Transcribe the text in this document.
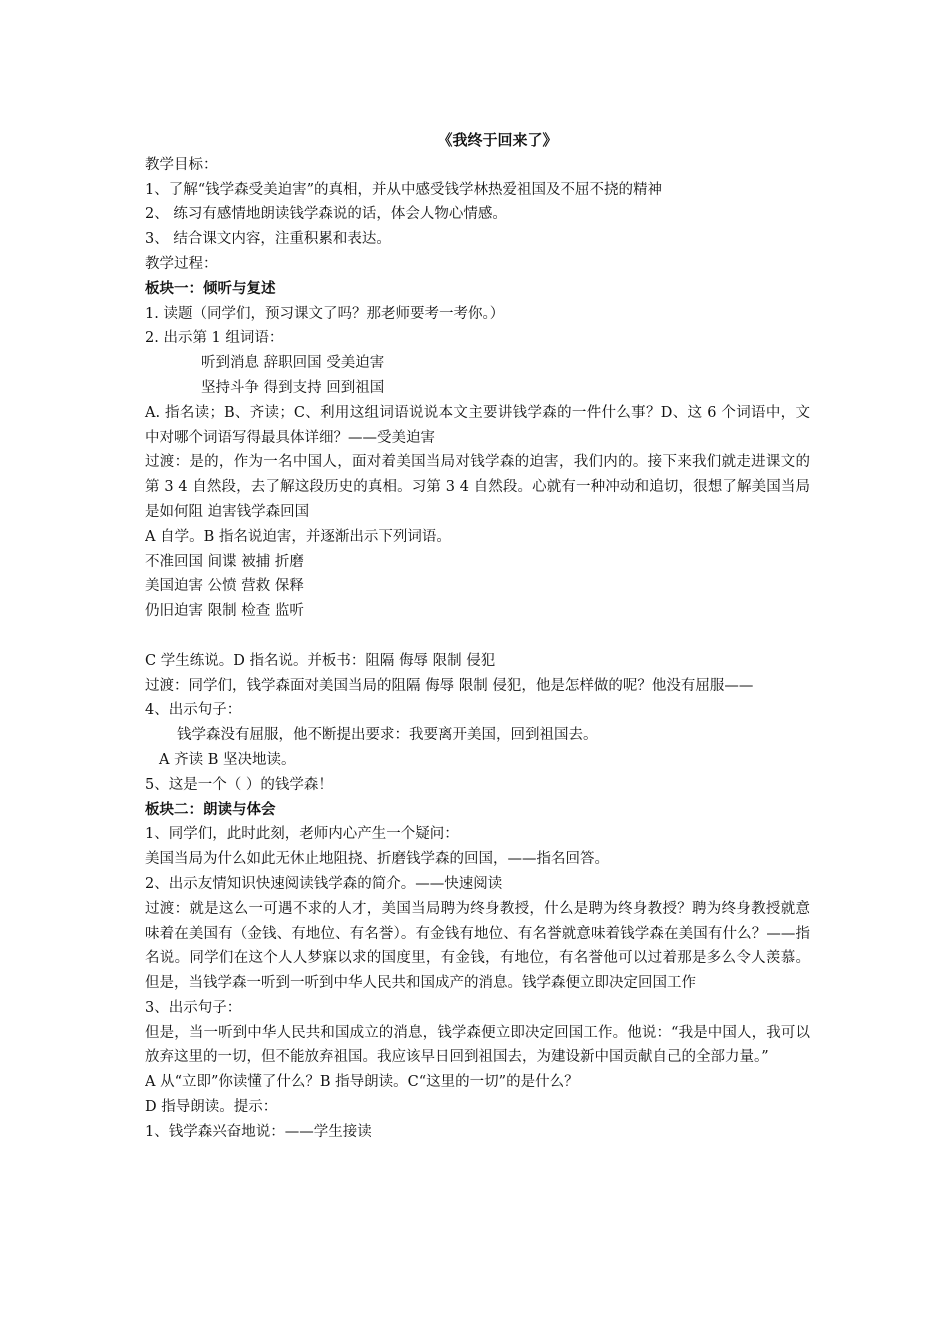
《我终于回来了》
教学目标：
1、了解“钱学森受美迫害”的真相，并从中感受钱学林热爱祖国及不屈不挠的精神
2、 练习有感情地朗读钱学森说的话，体会人物心情感。
3、 结合课文内容，注重积累和表达。
教学过程：
板块一：倾听与复述
1. 读题（同学们，预习课文了吗？那老师要考一考你。）
2. 出示第 1 组词语：
听到消息 辞职回国 受美迫害
坚持斗争 得到支持 回到祖国
A. 指名读；B、齐读；C、利用这组词语说说本文主要讲钱学森的一件什么事？D、这 6 个词语中，文中对哪个词语写得最具体详细？——受美迫害
过渡：是的，作为一名中国人，面对着美国当局对钱学森的迫害，我们内的。接下来我们就走进课文的第 3 4 自然段，去了解这段历史的真相。习第 3 4 自然段。心就有一种冲动和追切，很想了解美国当局是如何阻 迫害钱学森回国
A 自学。B 指名说迫害，并逐渐出示下列词语。
不准回国 间谍 被捕 折磨
美国迫害 公愤 营救 保释
仍旧迫害 限制 检查 监听
C 学生练说。D 指名说。并板书：阻隔 侮辱 限制 侵犯
过渡：同学们，钱学森面对美国当局的阻隔 侮辱 限制 侵犯，他是怎样做的呢？他没有屈服——
4、出示句子：
钱学森没有屈服，他不断提出要求：我要离开美国，回到祖国去。
A 齐读 B 坚决地读。
5、这是一个（ ）的钱学森！
板块二：朗读与体会
1、同学们，此时此刻，老师内心产生一个疑问：
美国当局为什么如此无休止地阻挠、折磨钱学森的回国，——指名回答。
2、出示友情知识快速阅读钱学森的简介。——快速阅读
过渡：就是这么一可遇不求的人才，美国当局聘为终身教授，什么是聘为终身教授？聘为终身教授就意味着在美国有（金钱、有地位、有名誉）。有金钱有地位、有名誉就意味着钱学森在美国有什么？——指名说。同学们在这个人人梦寐以求的国度里，有金钱，有地位，有名誉他可以过着那是多么令人羡慕。但是，当钱学森一听到一听到中华人民共和国成产的消息。钱学森便立即决定回国工作
3、出示句子：
但是，当一听到中华人民共和国成立的消息，钱学森便立即决定回国工作。他说：“我是中国人，我可以放弃这里的一切，但不能放弃祖国。我应该早日回到祖国去，为建设新中国贡献自己的全部力量。”
A 从“立即”你读懂了什么？B 指导朗读。C“这里的一切”的是什么？
D 指导朗读。提示：
1、钱学森兴奋地说：——学生接读
